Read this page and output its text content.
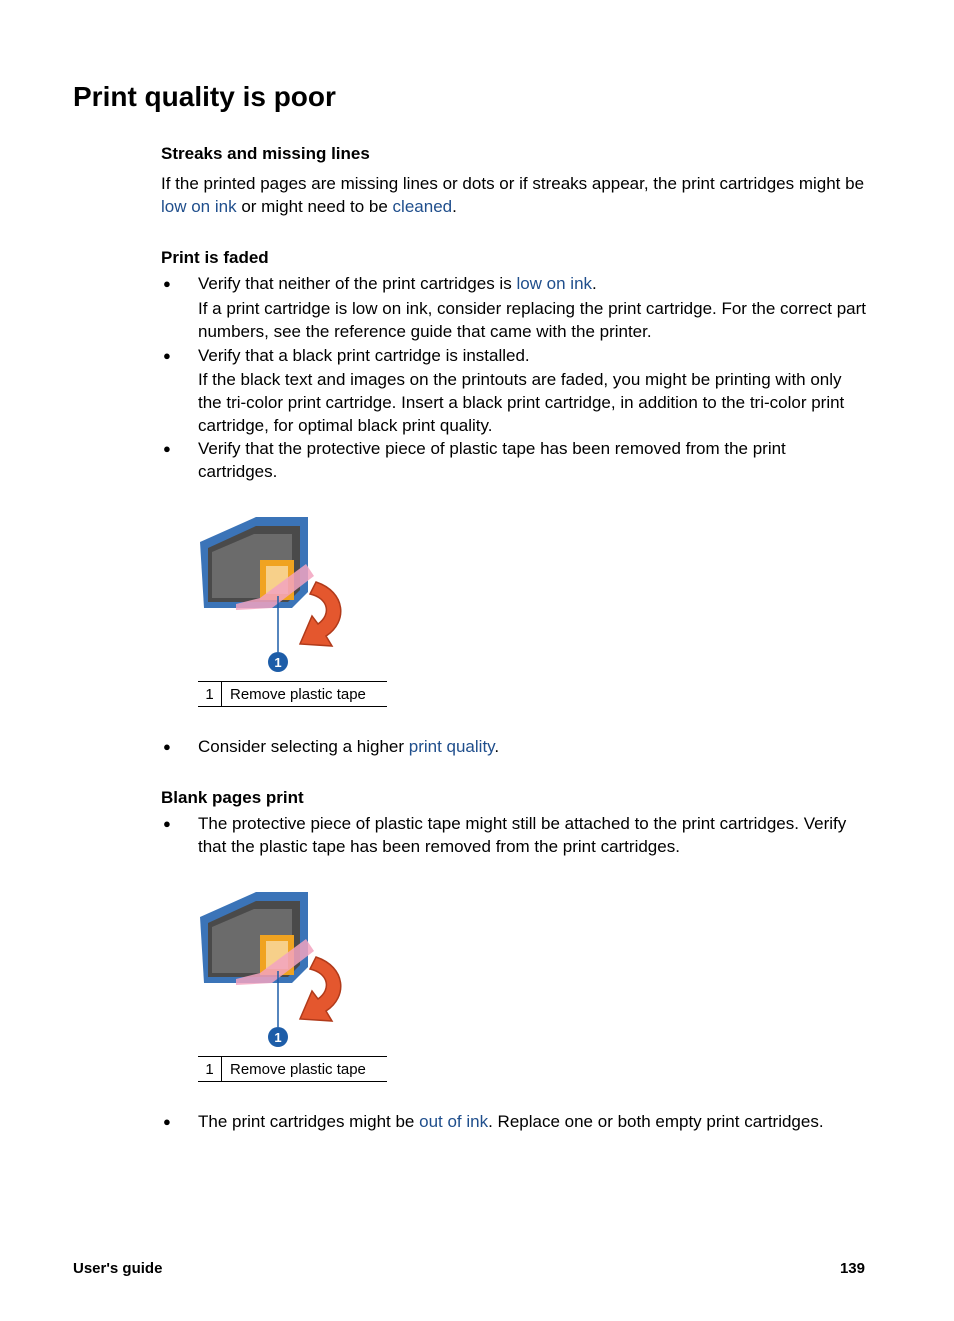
Print quality is poor
Streaks and missing lines

If the printed pages are missing lines or dots or if streaks appear, the print cartridges might be low on ink or might need to be cleaned.

Print is faded
● Verify that neither of the print cartridges is low on ink.

If a print cartridge is low on ink, consider replacing the print cartridge. For the correct part numbers, see the reference guide that came with the printer.

● Verify that a black print cartridge is installed.

If the black text and images on the printouts are faded, you might be printing with only the tri-color print cartridge. Insert a black print cartridge, in addition to the tri-color print cartridge, for optimal black print quality.

● Verify that the protective piece of plastic tape has been removed from the print cartridges.

1
1	Remove plastic tape
● Consider selecting a higher print quality.

Blank pages print
● The protective piece of plastic tape might still be attached to the print cartridges. Verify that the plastic tape has been removed from the print cartridges.

1
1	Remove plastic tape
● The print cartridges might be out of ink. Replace one or both empty print cartridges.

User's guide	139
